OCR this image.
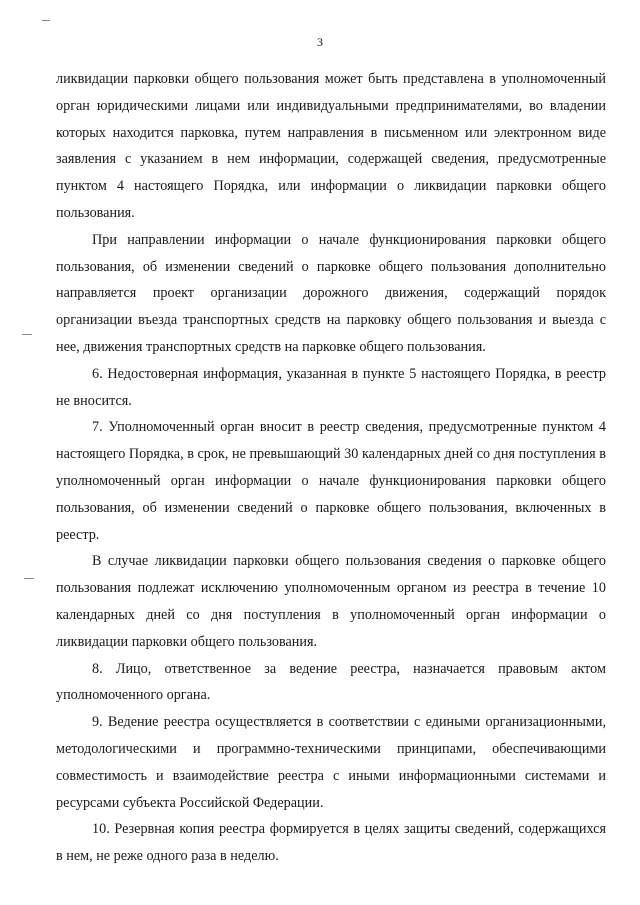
3

ликвидации парковки общего пользования может быть представлена в уполномоченный орган юридическими лицами или индивидуальными предпринимателями, во владении которых находится парковка, путем направления в письменном или электронном виде заявления с указанием в нем информации, содержащей сведения, предусмотренные пунктом 4 настоящего Порядка, или информации о ликвидации парковки общего пользования.

При направлении информации о начале функционирования парковки общего пользования, об изменении сведений о парковке общего пользования дополнительно направляется проект организации дорожного движения, содержащий порядок организации въезда транспортных средств на парковку общего пользования и выезда с нее, движения транспортных средств на парковке общего пользования.

6. Недостоверная информация, указанная в пункте 5 настоящего Порядка, в реестр не вносится.

7. Уполномоченный орган вносит в реестр сведения, предусмотренные пунктом 4 настоящего Порядка, в срок, не превышающий 30 календарных дней со дня поступления в уполномоченный орган информации о начале функционирования парковки общего пользования, об изменении сведений о парковке общего пользования, включенных в реестр.

В случае ликвидации парковки общего пользования сведения о парковке общего пользования подлежат исключению уполномоченным органом из реестра в течение 10 календарных дней со дня поступления в уполномоченный орган информации о ликвидации парковки общего пользования.

8. Лицо, ответственное за ведение реестра, назначается правовым актом уполномоченного органа.

9. Ведение реестра осуществляется в соответствии с едиными организационными, методологическими и программно-техническими принципами, обеспечивающими совместимость и взаимодействие реестра с иными информационными системами и ресурсами субъекта Российской Федерации.

10. Резервная копия реестра формируется в целях защиты сведений, содержащихся в нем, не реже одного раза в неделю.
